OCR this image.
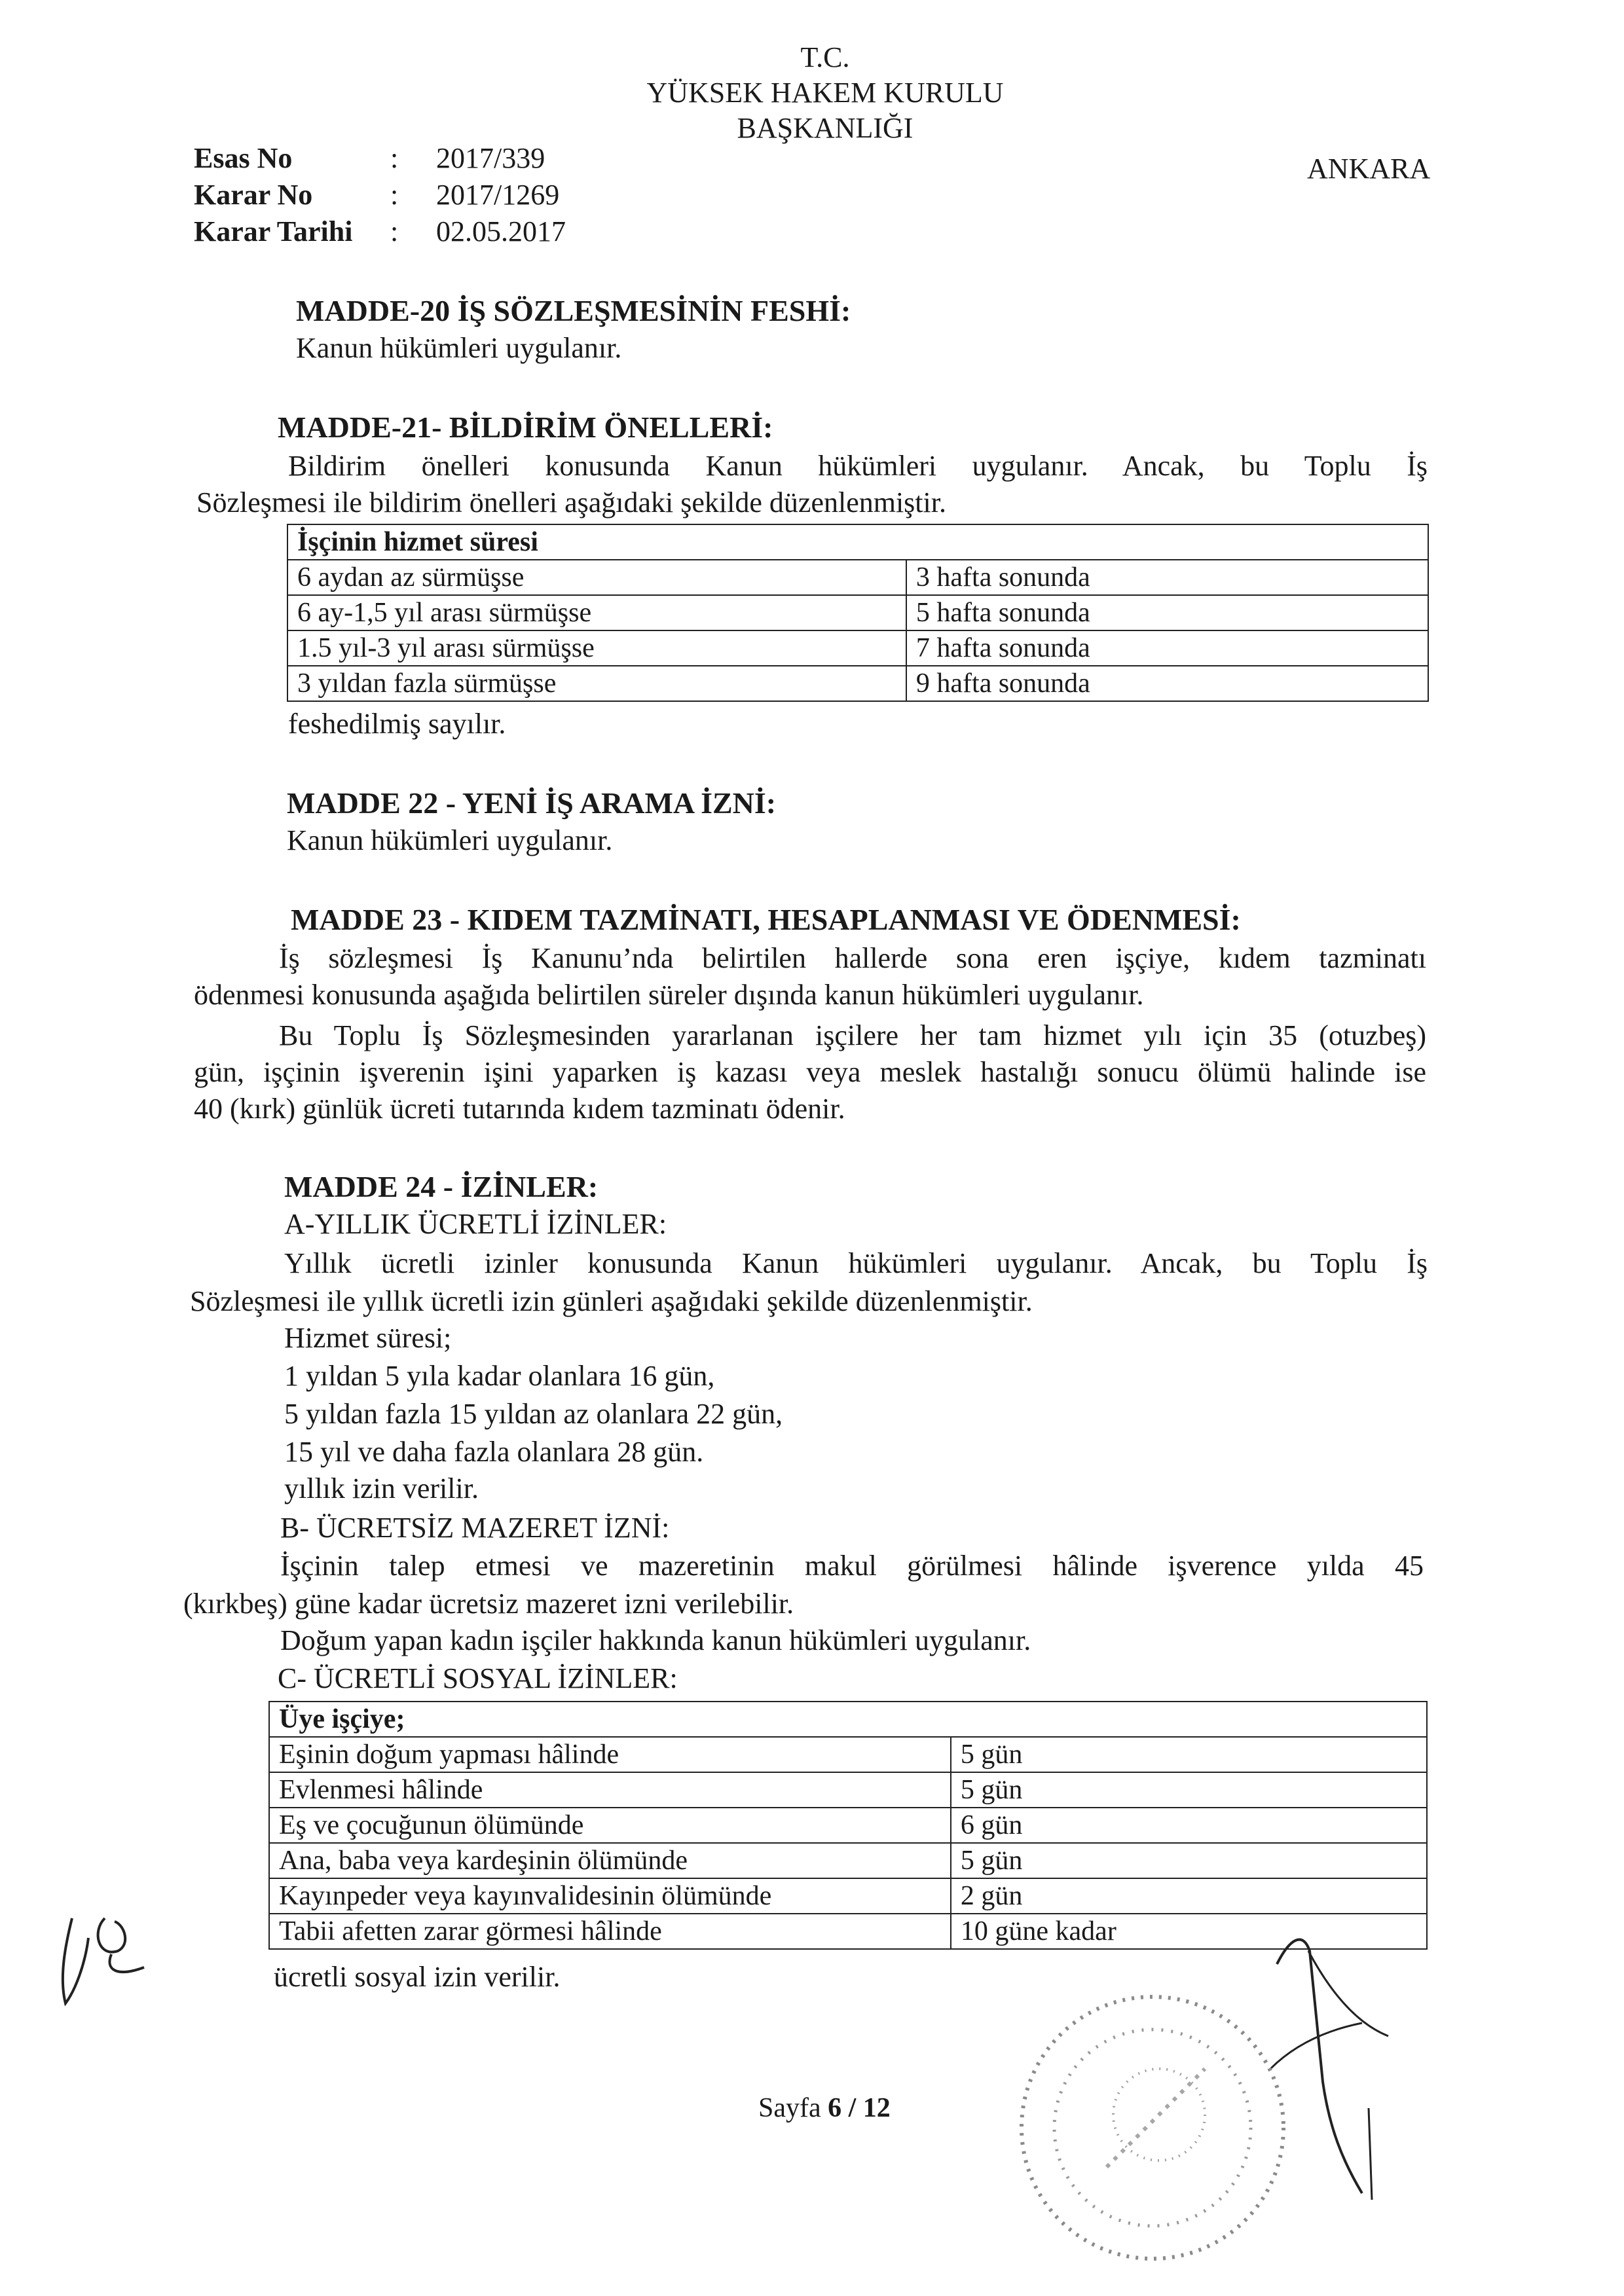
T.C.
YÜKSEK HAKEM KURULU
BAŞKANLIĞI
ANKARA
Esas No	: 2017/339
Karar No	: 2017/1269
Karar Tarihi : 02.05.2017
MADDE-20 İŞ SÖZLEŞMESİNİN FESHİ:
Kanun hükümleri uygulanır.
MADDE-21- BİLDİRİM ÖNELLERİ:
Bildirim önelleri konusunda Kanun hükümleri uygulanır. Ancak, bu Toplu İş
Sözleşmesi ile bildirim önelleri aşağıdaki şekilde düzenlenmiştir.
İşçinin hizmet süresi	
6 aydan az sürmüşse	3 hafta sonunda
6 ay-1,5 yıl arası sürmüşse	5 hafta sonunda
1.5 yıl-3 yıl arası sürmüşse	7 hafta sonunda
3 yıldan fazla sürmüşse	9 hafta sonunda
feshedilmiş sayılır.
MADDE 22 - YENİ İŞ ARAMA İZNİ:
Kanun hükümleri uygulanır.
MADDE 23 - KIDEM TAZMİNATI, HESAPLANMASI VE ÖDENMESİ:
İş sözleşmesi İş Kanunu’nda belirtilen hallerde sona eren işçiye, kıdem tazminatı
ödenmesi konusunda aşağıda belirtilen süreler dışında kanun hükümleri uygulanır.
Bu Toplu İş Sözleşmesinden yararlanan işçilere her tam hizmet yılı için 35 (otuzbeş)
gün, işçinin işverenin işini yaparken iş kazası veya meslek hastalığı sonucu ölümü halinde ise
40 (kırk) günlük ücreti tutarında kıdem tazminatı ödenir.
MADDE 24 - İZİNLER:
A-YILLIK ÜCRETLİ İZİNLER:
Yıllık ücretli izinler konusunda Kanun hükümleri uygulanır. Ancak, bu Toplu İş
Sözleşmesi ile yıllık ücretli izin günleri aşağıdaki şekilde düzenlenmiştir.
Hizmet süresi;
1 yıldan 5 yıla kadar olanlara 16 gün,
5 yıldan fazla 15 yıldan az olanlara 22 gün,
15 yıl ve daha fazla olanlara 28 gün.
yıllık izin verilir.
B- ÜCRETSİZ MAZERET İZNİ:
İşçinin talep etmesi ve mazeretinin makul görülmesi hâlinde işverence yılda 45
(kırkbeş) güne kadar ücretsiz mazeret izni verilebilir.
Doğum yapan kadın işçiler hakkında kanun hükümleri uygulanır.
C- ÜCRETLİ SOSYAL İZİNLER:
Üye işçiye;	
Eşinin doğum yapması hâlinde	5 gün
Evlenmesi hâlinde	5 gün
Eş ve çocuğunun ölümünde	6 gün
Ana, baba veya kardeşinin ölümünde	5 gün
Kayınpeder veya kayınvalidesinin ölümünde	2 gün
Tabii afetten zarar görmesi hâlinde	10 güne kadar
ücretli sosyal izin verilir.
Sayfa 6 / 12
